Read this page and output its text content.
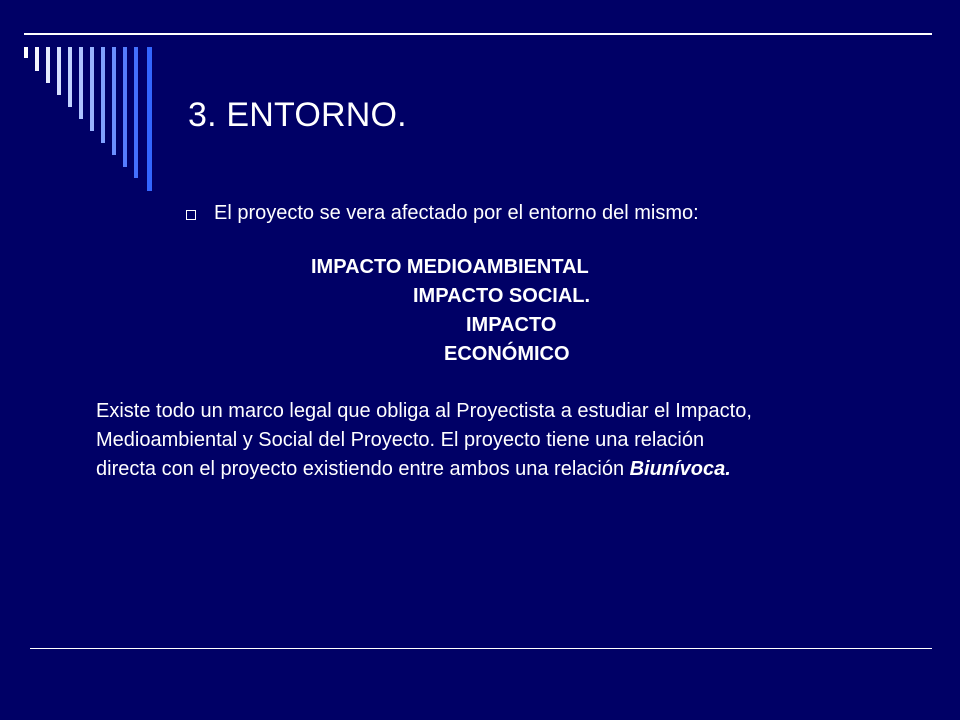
3. ENTORNO.
El proyecto se vera afectado por el entorno del mismo:
IMPACTO MEDIOAMBIENTAL
IMPACTO SOCIAL.
IMPACTO
ECONÓMICO
Existe todo un marco legal que obliga al Proyectista a estudiar el Impacto,
Medioambiental y Social del Proyecto. El proyecto tiene una relación
directa con el proyecto existiendo entre ambos una relación Biunívoca.
